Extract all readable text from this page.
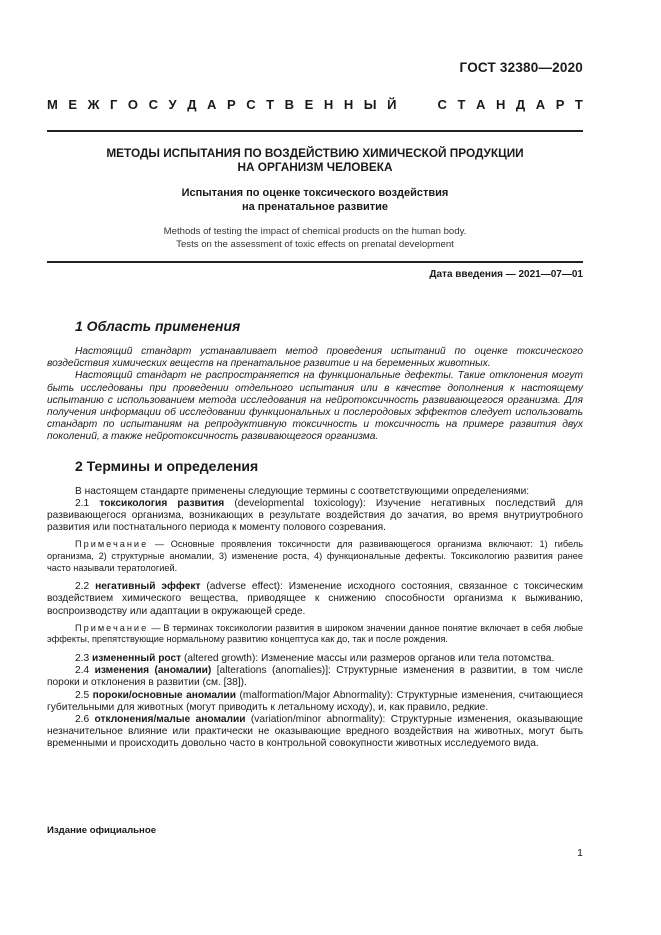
ГОСТ 32380—2020
М Е Ж Г О С У Д А Р С Т В Е Н Н Ы Й	С Т А Н Д А Р Т
МЕТОДЫ ИСПЫТАНИЯ ПО ВОЗДЕЙСТВИЮ ХИМИЧЕСКОЙ ПРОДУКЦИИ
НА ОРГАНИЗМ ЧЕЛОВЕКА
Испытания по оценке токсического воздействия
на пренатальное развитие
Methods of testing the impact of chemical products on the human body.
Tests on the assessment of toxic effects on prenatal development
Дата введения — 2021—07—01

1 Область применения

Настоящий стандарт устанавливает метод проведения испытаний по оценке токсического воздействия химических веществ на пренатальное развитие и на беременных животных.

Настоящий стандарт не распространяется на функциональные дефекты. Такие отклонения могут быть исследованы при проведении отдельного испытания или в качестве дополнения к настоящему испытанию с использованием метода исследования на нейротоксичность развивающегося организма. Для получения информации об исследовании функциональных и послеродовых эффектов следует использовать стандарт по испытаниям на репродуктивную токсичность и токсичность на примере развития двух поколений, а также нейротоксичность развивающегося организма.

2 Термины и определения

В настоящем стандарте применены следующие термины с соответствующими определениями:

2.1 токсикология развития (developmental toxicology): Изучение негативных последствий для развивающегося организма, возникающих в результате воздействия до зачатия, во время внутриутробного развития или постнатального периода к моменту полового созревания.

Примечание — Основные проявления токсичности для развивающегося организма включают: 1) гибель организма, 2) структурные аномалии, 3) изменение роста, 4) функциональные дефекты. Токсикологию развития ранее часто называли тератологией.

2.2 негативный эффект (adverse effect): Изменение исходного состояния, связанное с токсическим воздействием химического вещества, приводящее к снижению способности организма к выживанию, воспроизводству или адаптации в окружающей среде.

Примечание — В терминах токсикологии развития в широком значении данное понятие включает в себя любые эффекты, препятствующие нормальному развитию концептуса как до, так и после рождения.

2.3 измененный рост (altered growth): Изменение массы или размеров органов или тела потомства.

2.4 изменения (аномалии) [alterations (anomalies)]: Структурные изменения в развитии, в том числе пороки и отклонения в развитии (см. [38]).

2.5 пороки/основные аномалии (malformation/Major Abnormality): Структурные изменения, считающиеся губительными для животных (могут приводить к летальному исходу), и, как правило, редкие.

2.6 отклонения/малые аномалии (variation/minor abnormality): Структурные изменения, оказывающие незначительное влияние или практически не оказывающие вредного воздействия на животных, могут быть временными и происходить довольно часто в контрольной совокупности животных исследуемого вида.

Издание официальное
1
